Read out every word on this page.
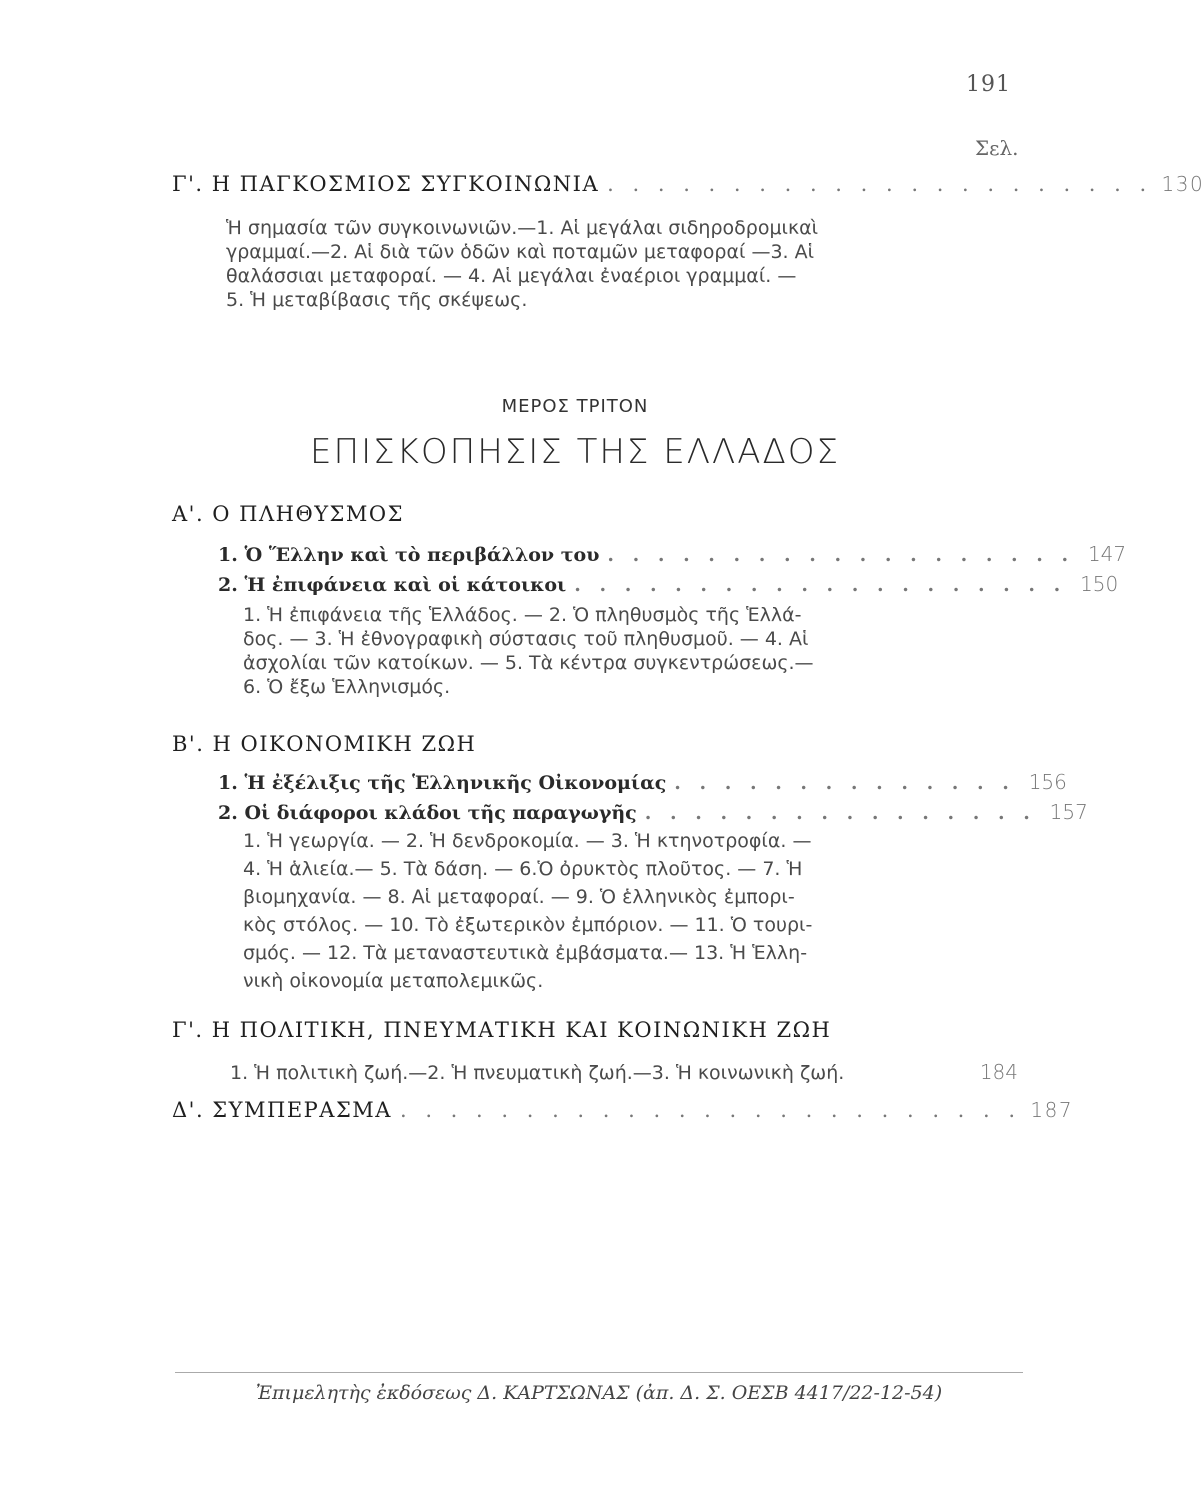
191
Σελ.
Γ'. Η ΠΑΓΚΟΣΜΙΟΣ ΣΥΓΚΟΙΝΩΝΙΑ . . . . . . . . . . . . . . . . . . . . . . 130

Ἡ σημασία τῶν συγκοινωνιῶν.—1. Αἱ μεγάλαι σιδηροδρομικαὶ

γραμμαί.—2. Αἱ διὰ τῶν ὁδῶν καὶ ποταμῶν μεταφοραί —3. Αἱ

θαλάσσιαι μεταφοραί. — 4. Αἱ μεγάλαι ἐναέριοι γραμμαί. —

5. Ἡ μεταβίβασις τῆς σκέψεως.

ΜΕΡΟΣ ΤΡΙΤΟΝ
ΕΠΙΣΚΟΠΗΣΙΣ ΤΗΣ ΕΛΛΑΔΟΣ
Α'. Ο ΠΛΗΘΥΣΜΟΣ
1. Ὁ Ἕλλην καὶ τὸ περιβάλλον του . . . . . . . . . . . . . . . . . . . 147
2. Ἡ ἐπιφάνεια καὶ οἱ κάτοικοι . . . . . . . . . . . . . . . . . . . . 150

1. Ἡ ἐπιφάνεια τῆς Ἑλλάδος. — 2. Ὁ πληθυσμὸς τῆς Ἑλλά-

δος. — 3. Ἡ ἐθνογραφικὴ σύστασις τοῦ πληθυσμοῦ. — 4. Αἱ

ἀσχολίαι τῶν κατοίκων. — 5. Τὰ κέντρα συγκεντρώσεως.—

6. Ὁ ἔξω Ἑλληνισμός.

Β'. Η ΟΙΚΟΝΟΜΙΚΗ ΖΩΗ
1. Ἡ ἐξέλιξις τῆς Ἑλληνικῆς Οἰκονομίας . . . . . . . . . . . . . . 156
2. Οἱ διάφοροι κλάδοι τῆς παραγωγῆς . . . . . . . . . . . . . . . . 157

1. Ἡ γεωργία. — 2. Ἡ δενδροκομία. — 3. Ἡ κτηνοτροφία. —

4. Ἡ ἁλιεία.— 5. Τὰ δάση. — 6.Ὁ ὀρυκτὸς πλοῦτος. — 7. Ἡ

βιομηχανία. — 8. Αἱ μεταφοραί. — 9. Ὁ ἑλληνικὸς ἐμπορι-

κὸς στόλος. — 10. Τὸ ἐξωτερικὸν ἐμπόριον. — 11. Ὁ τουρι-

σμός. — 12. Τὰ μεταναστευτικὰ ἐμβάσματα.— 13. Ἡ Ἑλλη-

νικὴ οἰκονομία μεταπολεμικῶς.

Γ'. Η ΠΟΛΙΤΙΚΗ, ΠΝΕΥΜΑΤΙΚΗ ΚΑΙ ΚΟΙΝΩΝΙΚΗ ΖΩΗ
1. Ἡ πολιτικὴ ζωή.—2. Ἡ πνευματικὴ ζωή.—3. Ἡ κοινωνικὴ ζωή.	184
Δ'. ΣΥΜΠΕΡΑΣΜΑ . . . . . . . . . . . . . . . . . . . . . . . . . 187
Ἐπιμελητὴς ἐκδόσεως Δ. ΚΑΡΤΣΩΝΑΣ (ἀπ. Δ. Σ. ΟΕΣΒ 4417/22-12-54)
